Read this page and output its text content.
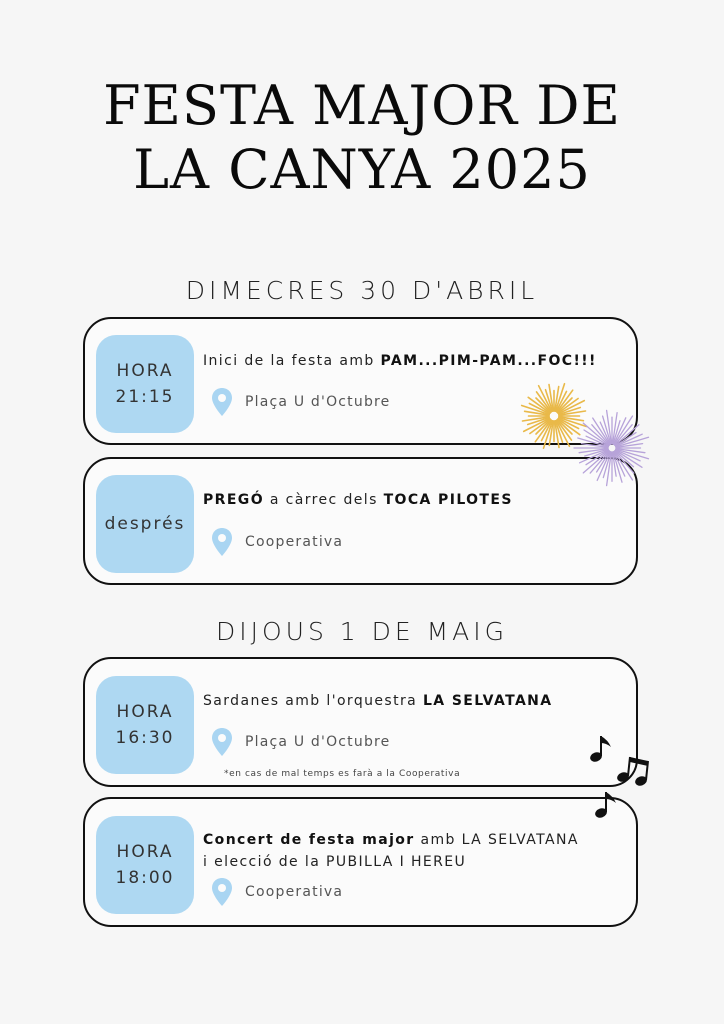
FESTA MAJOR DE
LA CANYA 2025
DIMECRES 30 D'ABRIL
HORA
21:15
Inici de la festa amb PAM...PIM-PAM...FOC!!!
Plaça U d'Octubre
després
PREGÓ a càrrec dels TOCA PILOTES
Cooperativa
DIJOUS 1 DE MAIG
HORA
16:30
Sardanes amb l'orquestra LA SELVATANA
Plaça U d'Octubre
*en cas de mal temps es farà a la Cooperativa
HORA
18:00
Concert de festa major amb LA SELVATANA
i elecció de la PUBILLA I HEREU
Cooperativa
